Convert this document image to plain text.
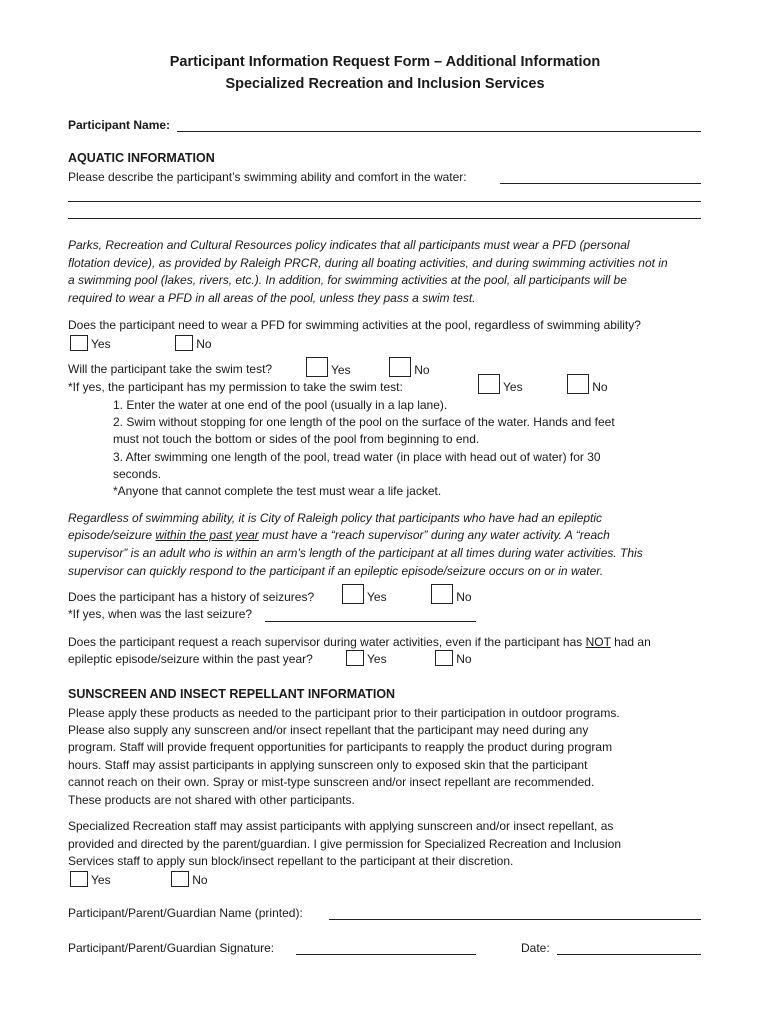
Participant Information Request Form – Additional Information
Specialized Recreation and Inclusion Services
Participant Name:
AQUATIC INFORMATION
Please describe the participant’s swimming ability and comfort in the water:
Parks, Recreation and Cultural Resources policy indicates that all participants must wear a PFD (personal
flotation device), as provided by Raleigh PRCR, during all boating activities, and during swimming activities not in
a swimming pool (lakes, rivers, etc.). In addition, for swimming activities at the pool, all participants will be
required to wear a PFD in all areas of the pool, unless they pass a swim test.
Does the participant need to wear a PFD for swimming activities at the pool, regardless of swimming ability?
Yes	No
Will the participant take the swim test?	Yes	No
*If yes, the participant has my permission to take the swim test:	Yes	No
1. Enter the water at one end of the pool (usually in a lap lane).
2. Swim without stopping for one length of the pool on the surface of the water. Hands and feet
must not touch the bottom or sides of the pool from beginning to end.
3. After swimming one length of the pool, tread water (in place with head out of water) for 30
seconds.
*Anyone that cannot complete the test must wear a life jacket.
Regardless of swimming ability, it is City of Raleigh policy that participants who have had an epileptic
episode/seizure within the past year must have a “reach supervisor” during any water activity. A “reach
supervisor” is an adult who is within an arm’s length of the participant at all times during water activities. This
supervisor can quickly respond to the participant if an epileptic episode/seizure occurs on or in water.
Does the participant has a history of seizures?	Yes	No
*If yes, when was the last seizure?
Does the participant request a reach supervisor during water activities, even if the participant has NOT had an
epileptic episode/seizure within the past year?	Yes	No
SUNSCREEN AND INSECT REPELLANT INFORMATION
Please apply these products as needed to the participant prior to their participation in outdoor programs.
Please also supply any sunscreen and/or insect repellant that the participant may need during any
program. Staff will provide frequent opportunities for participants to reapply the product during program
hours. Staff may assist participants in applying sunscreen only to exposed skin that the participant
cannot reach on their own. Spray or mist-type sunscreen and/or insect repellant are recommended.
These products are not shared with other participants.
Specialized Recreation staff may assist participants with applying sunscreen and/or insect repellant, as
provided and directed by the parent/guardian. I give permission for Specialized Recreation and Inclusion
Services staff to apply sun block/insect repellant to the participant at their discretion.
Yes	No
Participant/Parent/Guardian Name (printed):
Participant/Parent/Guardian Signature:	Date:
